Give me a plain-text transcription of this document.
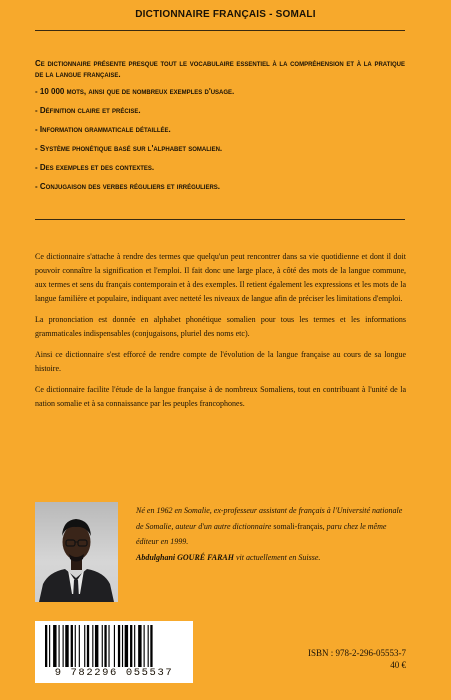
DICTIONNAIRE FRANÇAIS - SOMALI

Ce dictionnaire présente presque tout le vocabulaire essentiel à la compréhension et à la pratique de la langue française.

- 10 000 mots, ainsi que de nombreux exemples d'usage.

- Définition claire et précise.

- Information grammaticale détaillée.

- Système phonétique basé sur l'alphabet somalien.

- Des exemples et des contextes.

- Conjugaison des verbes réguliers et irréguliers.

Ce dictionnaire s'attache à rendre des termes que quelqu'un peut rencontrer dans sa vie quotidienne et dont il doit pouvoir connaître la signification et l'emploi. Il fait donc une large place, à côté des mots de la langue commune, aux termes et sens du français contemporain et à des exemples. Il retient également les expressions et les mots de la langue familière et populaire, indiquant avec netteté les niveaux de langue afin de préciser les limitations d'emploi.

La prononciation est donnée en alphabet phonétique somalien pour tous les termes et les informations grammaticales indispensables (conjugaisons, pluriel des noms etc).

Ainsi ce dictionnaire s'est efforcé de rendre compte de l'évolution de la langue française au cours de sa longue histoire.

Ce dictionnaire facilite l'étude de la langue française à de nombreux Somaliens, tout en contribuant à l'unité de la nation somalie et à sa connaissance par les peuples francophones.

Né en 1962 en Somalie, ex-professeur assistant de français à l'Université nationale de Somalie, auteur d'un autre dictionnaire somali-français, paru chez le même éditeur en 1999.
Abdulghani GOURÉ FARAH vit actuellement en Suisse.
9 782296 055537
ISBN : 978-2-296-05553-7
40 €
